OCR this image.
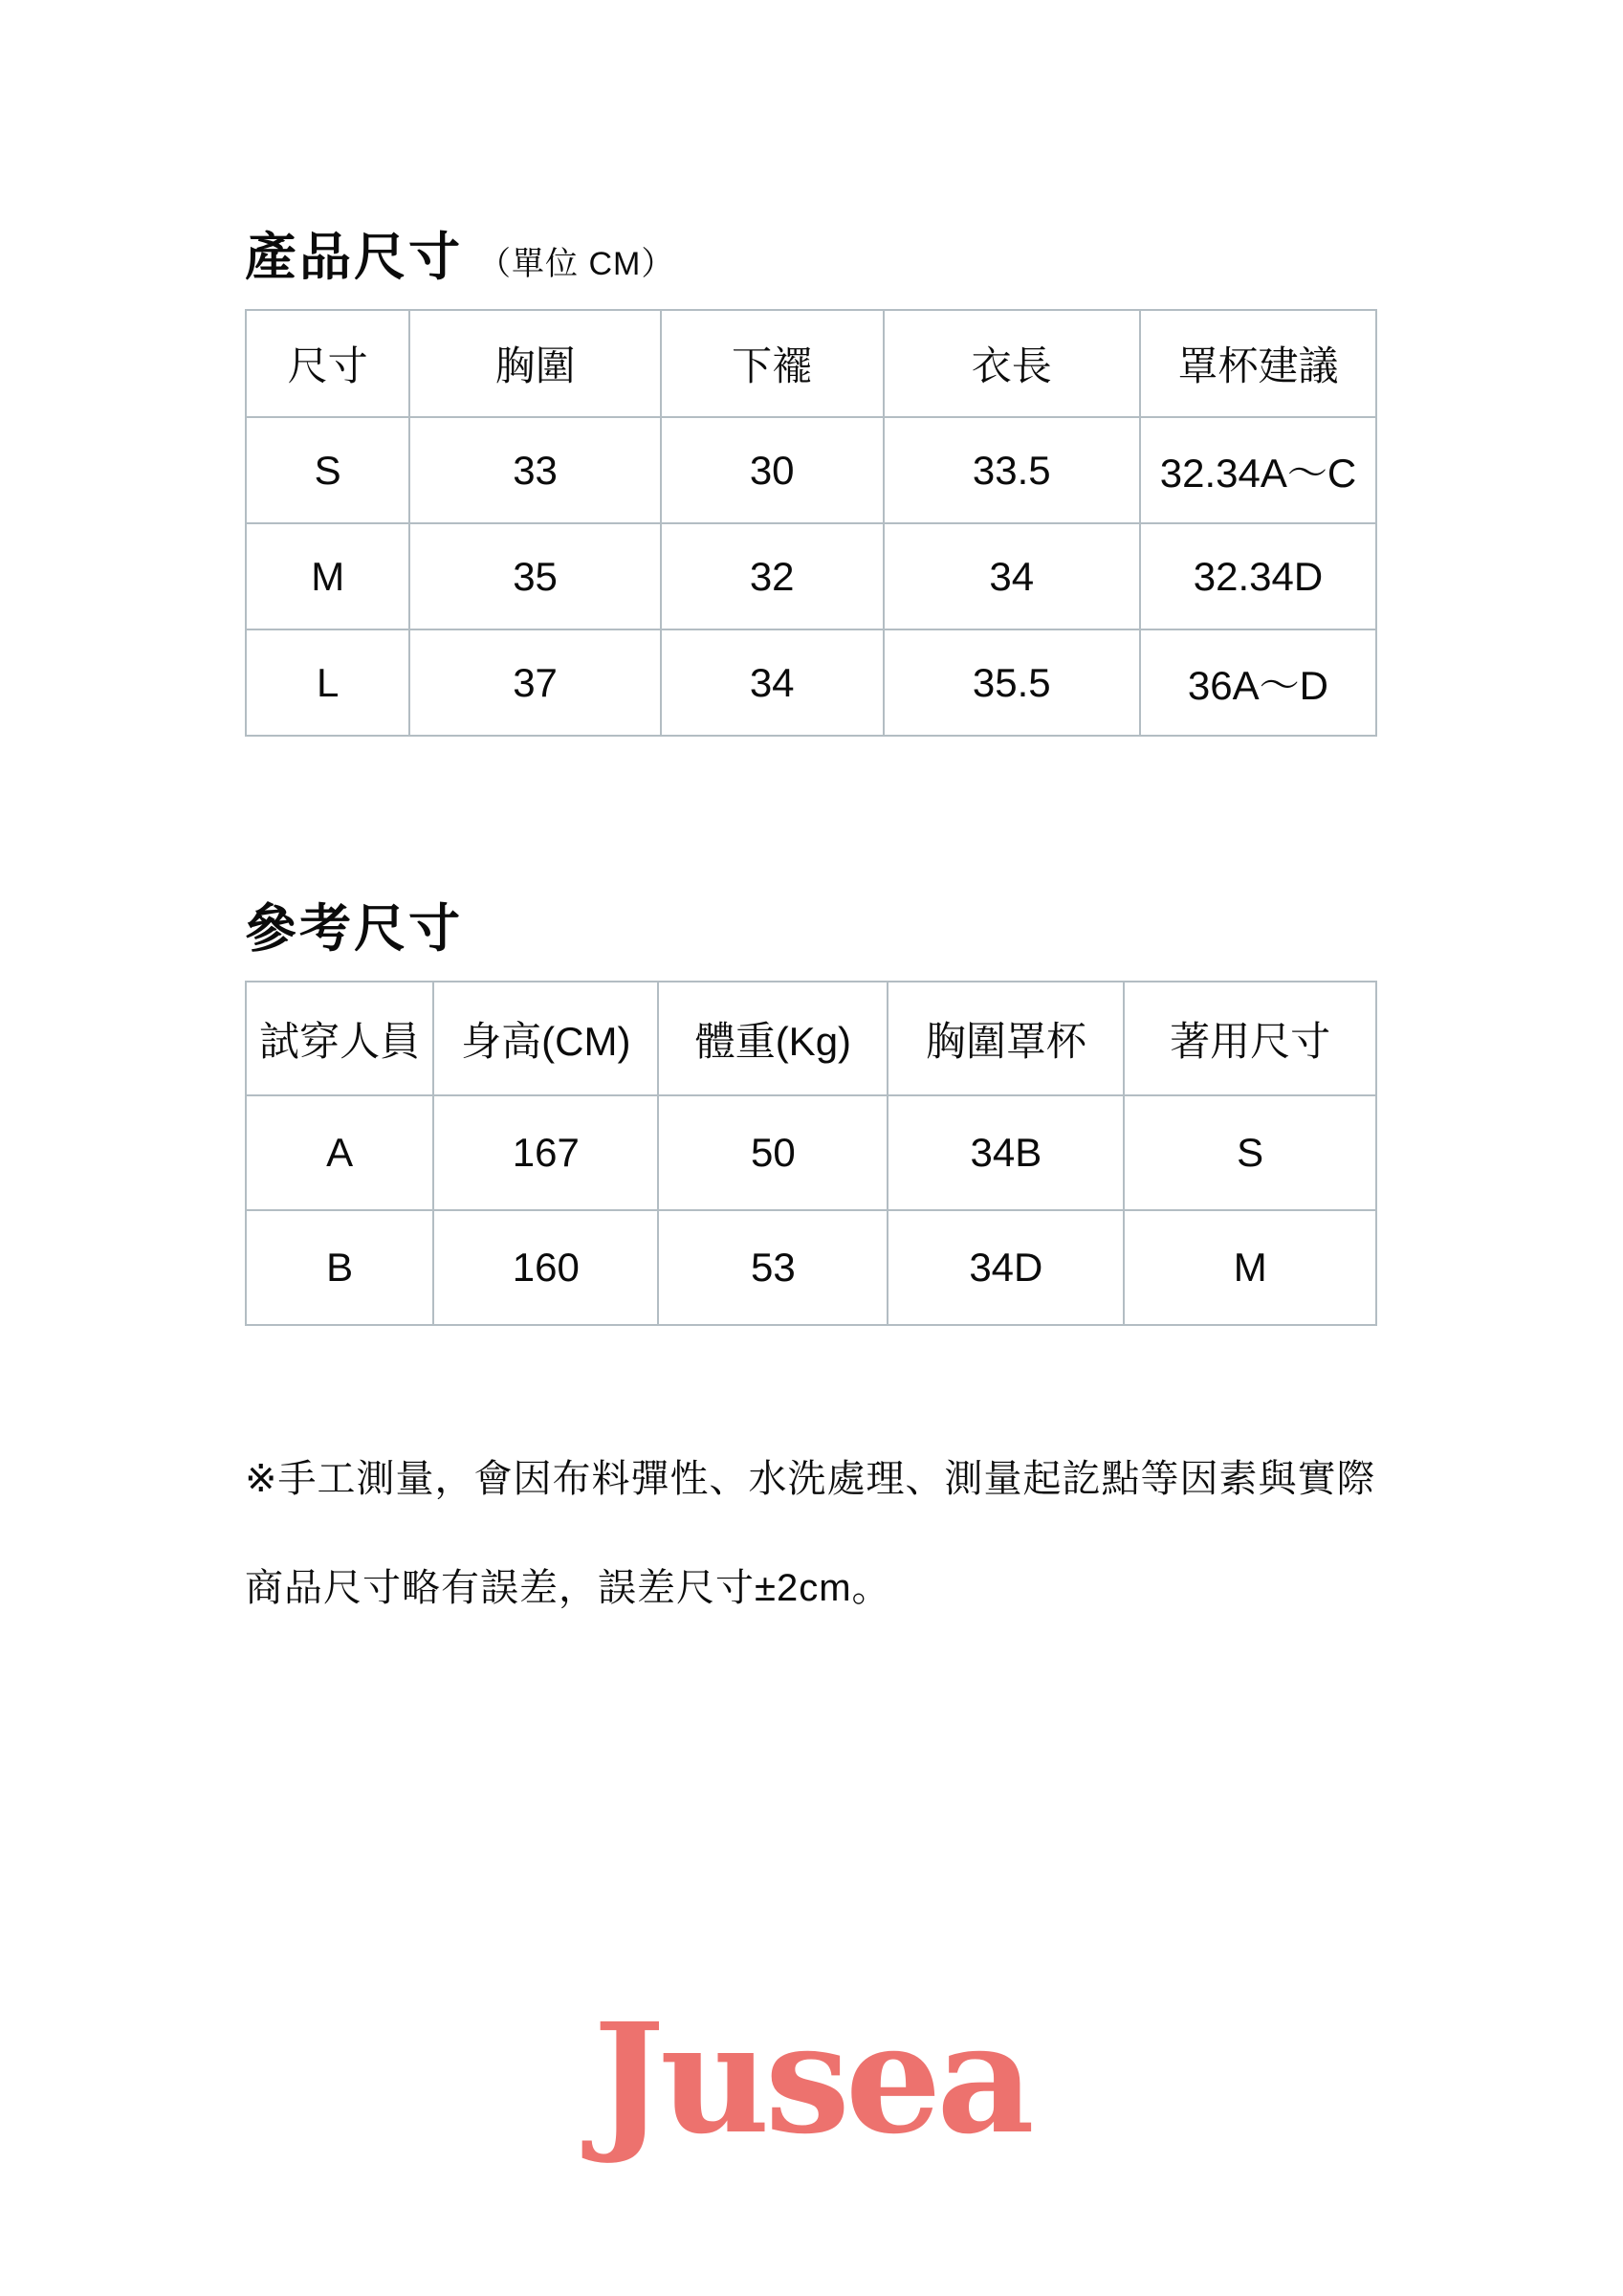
產品尺寸 （單位 CM）
尺寸	胸圍	下襬	衣長	罩杯建議
S	33	30	33.5	32.34A～C
M	35	32	34	32.34D
L	37	34	35.5	36A～D
參考尺寸
試穿人員	身高(CM)	體重(Kg)	胸圍罩杯	著用尺寸
A	167	50	34B	S
B	160	53	34D	M
※手工測量，會因布料彈性、水洗處理、測量起訖點等因素與實際
商品尺寸略有誤差，誤差尺寸±2cm。
Jusea
